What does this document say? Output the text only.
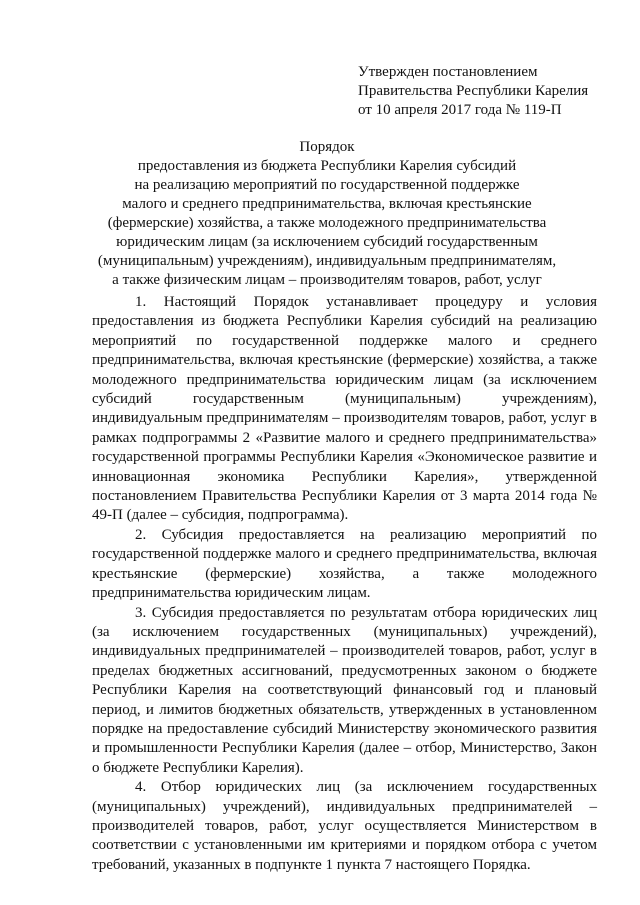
Утвержден постановлением
Правительства Республики Карелия
от 10 апреля 2017 года № 119-П
Порядок
предоставления из бюджета Республики Карелия субсидий
на реализацию мероприятий по государственной поддержке
малого и среднего предпринимательства, включая крестьянские
(фермерские) хозяйства, а также молодежного предпринимательства
юридическим лицам (за исключением субсидий государственным
(муниципальным) учреждениям), индивидуальным предпринимателям,
а также физическим лицам – производителям товаров, работ, услуг

1. Настоящий Порядок устанавливает процедуру и условия предоставления из бюджета Республики Карелия субсидий на реализацию мероприятий по государственной поддержке малого и среднего предпринимательства, включая крестьянские (фермерские) хозяйства, а также молодежного предпринимательства юридическим лицам (за исключением субсидий государственным (муниципальным) учреждениям), индивидуальным предпринимателям – производителям товаров, работ, услуг в рамках подпрограммы 2 «Развитие малого и среднего предпринимательства» государственной программы Республики Карелия «Экономическое развитие и инновационная экономика Республики Карелия», утвержденной постановлением Правительства Республики Карелия от 3 марта 2014 года № 49-П (далее – субсидия, подпрограмма).

2. Субсидия предоставляется на реализацию мероприятий по государственной поддержке малого и среднего предпринимательства, включая крестьянские (фермерские) хозяйства, а также молодежного предпринимательства юридическим лицам.

3. Субсидия предоставляется по результатам отбора юридических лиц (за исключением государственных (муниципальных) учреждений), индивидуальных предпринимателей – производителей товаров, работ, услуг в пределах бюджетных ассигнований, предусмотренных законом о бюджете Республики Карелия на соответствующий финансовый год и плановый период, и лимитов бюджетных обязательств, утвержденных в установленном порядке на предоставление субсидий Министерству экономического развития и промышленности Республики Карелия (далее – отбор, Министерство, Закон о бюджете Республики Карелия).

4. Отбор юридических лиц (за исключением государственных (муниципальных) учреждений), индивидуальных предпринимателей – производителей товаров, работ, услуг осуществляется Министерством в соответствии с установленными им критериями и порядком отбора с учетом требований, указанных в подпункте 1 пункта 7 настоящего Порядка.
